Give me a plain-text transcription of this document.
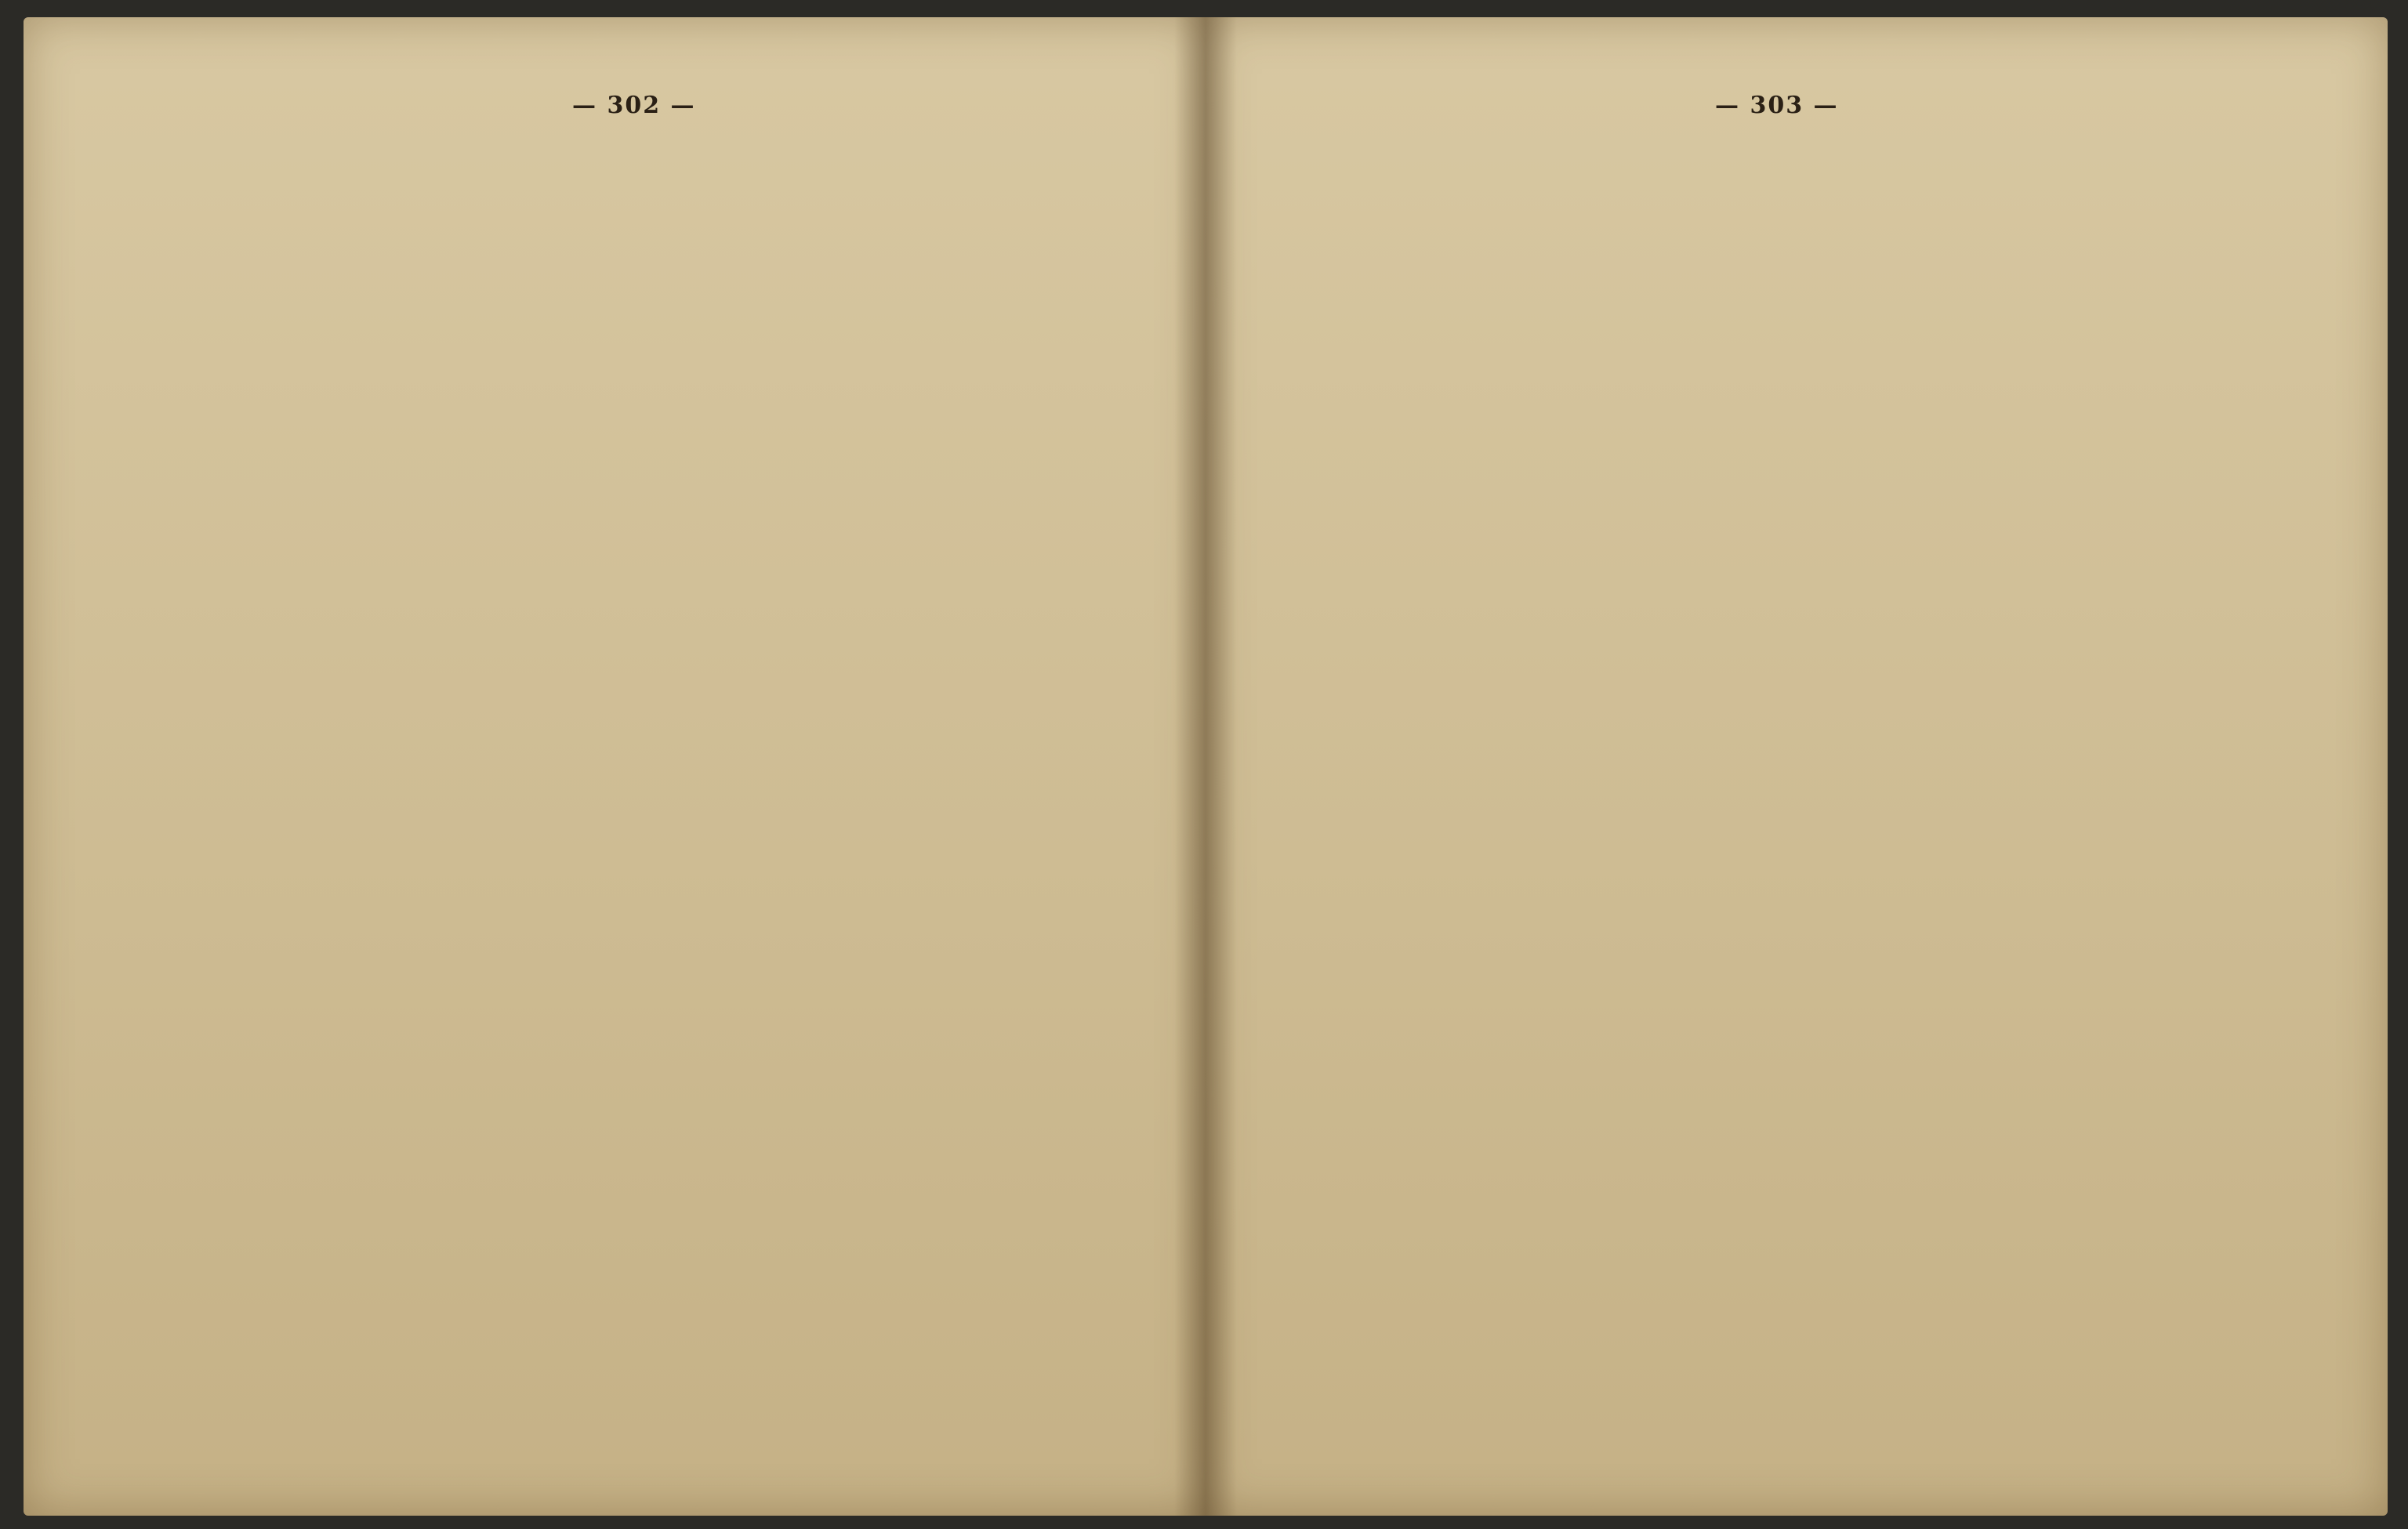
— 302 —	— 303 —
